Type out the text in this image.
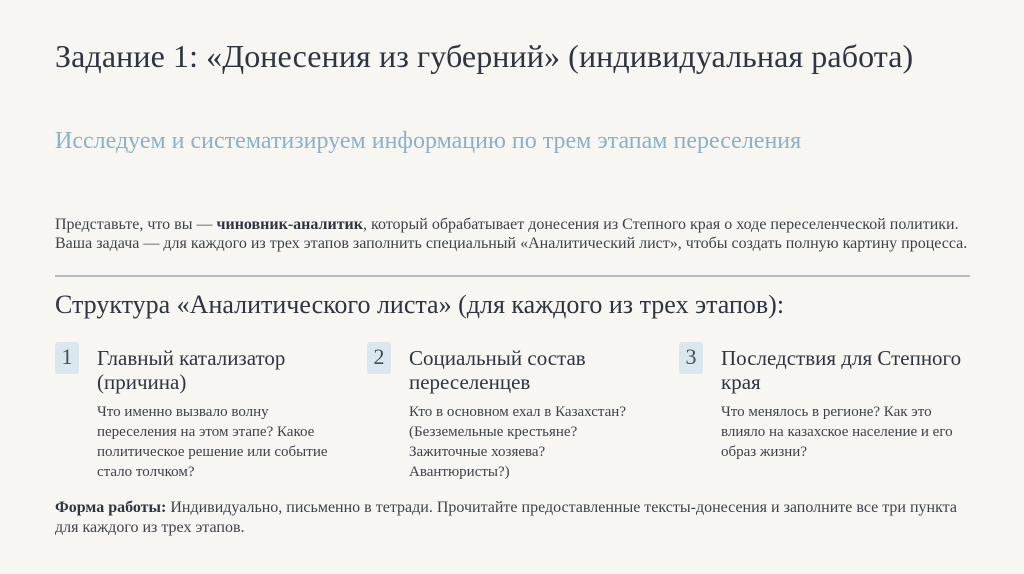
Задание 1: «Донесения из губерний» (индивидуальная работа)
Исследуем и систематизируем информацию по трем этапам переселения
Представьте, что вы — чиновник-аналитик, который обрабатывает донесения из Степного края о ходе переселенческой политики. Ваша задача — для каждого из трех этапов заполнить специальный «Аналитический лист», чтобы создать полную картину процесса.
Структура «Аналитического листа» (для каждого из трех этапов):
1	Главный катализатор (причина)
Что именно вызвало волну переселения на этом этапе? Какое политическое решение или событие стало толчком?
2	Социальный состав переселенцев
Кто в основном ехал в Казахстан? (Безземельные крестьяне? Зажиточные хозяева? Авантюристы?)
3	Последствия для Степного края
Что менялось в регионе? Как это влияло на казахское население и его образ жизни?
Форма работы: Индивидуально, письменно в тетради. Прочитайте предоставленные тексты-донесения и заполните все три пункта для каждого из трех этапов.
